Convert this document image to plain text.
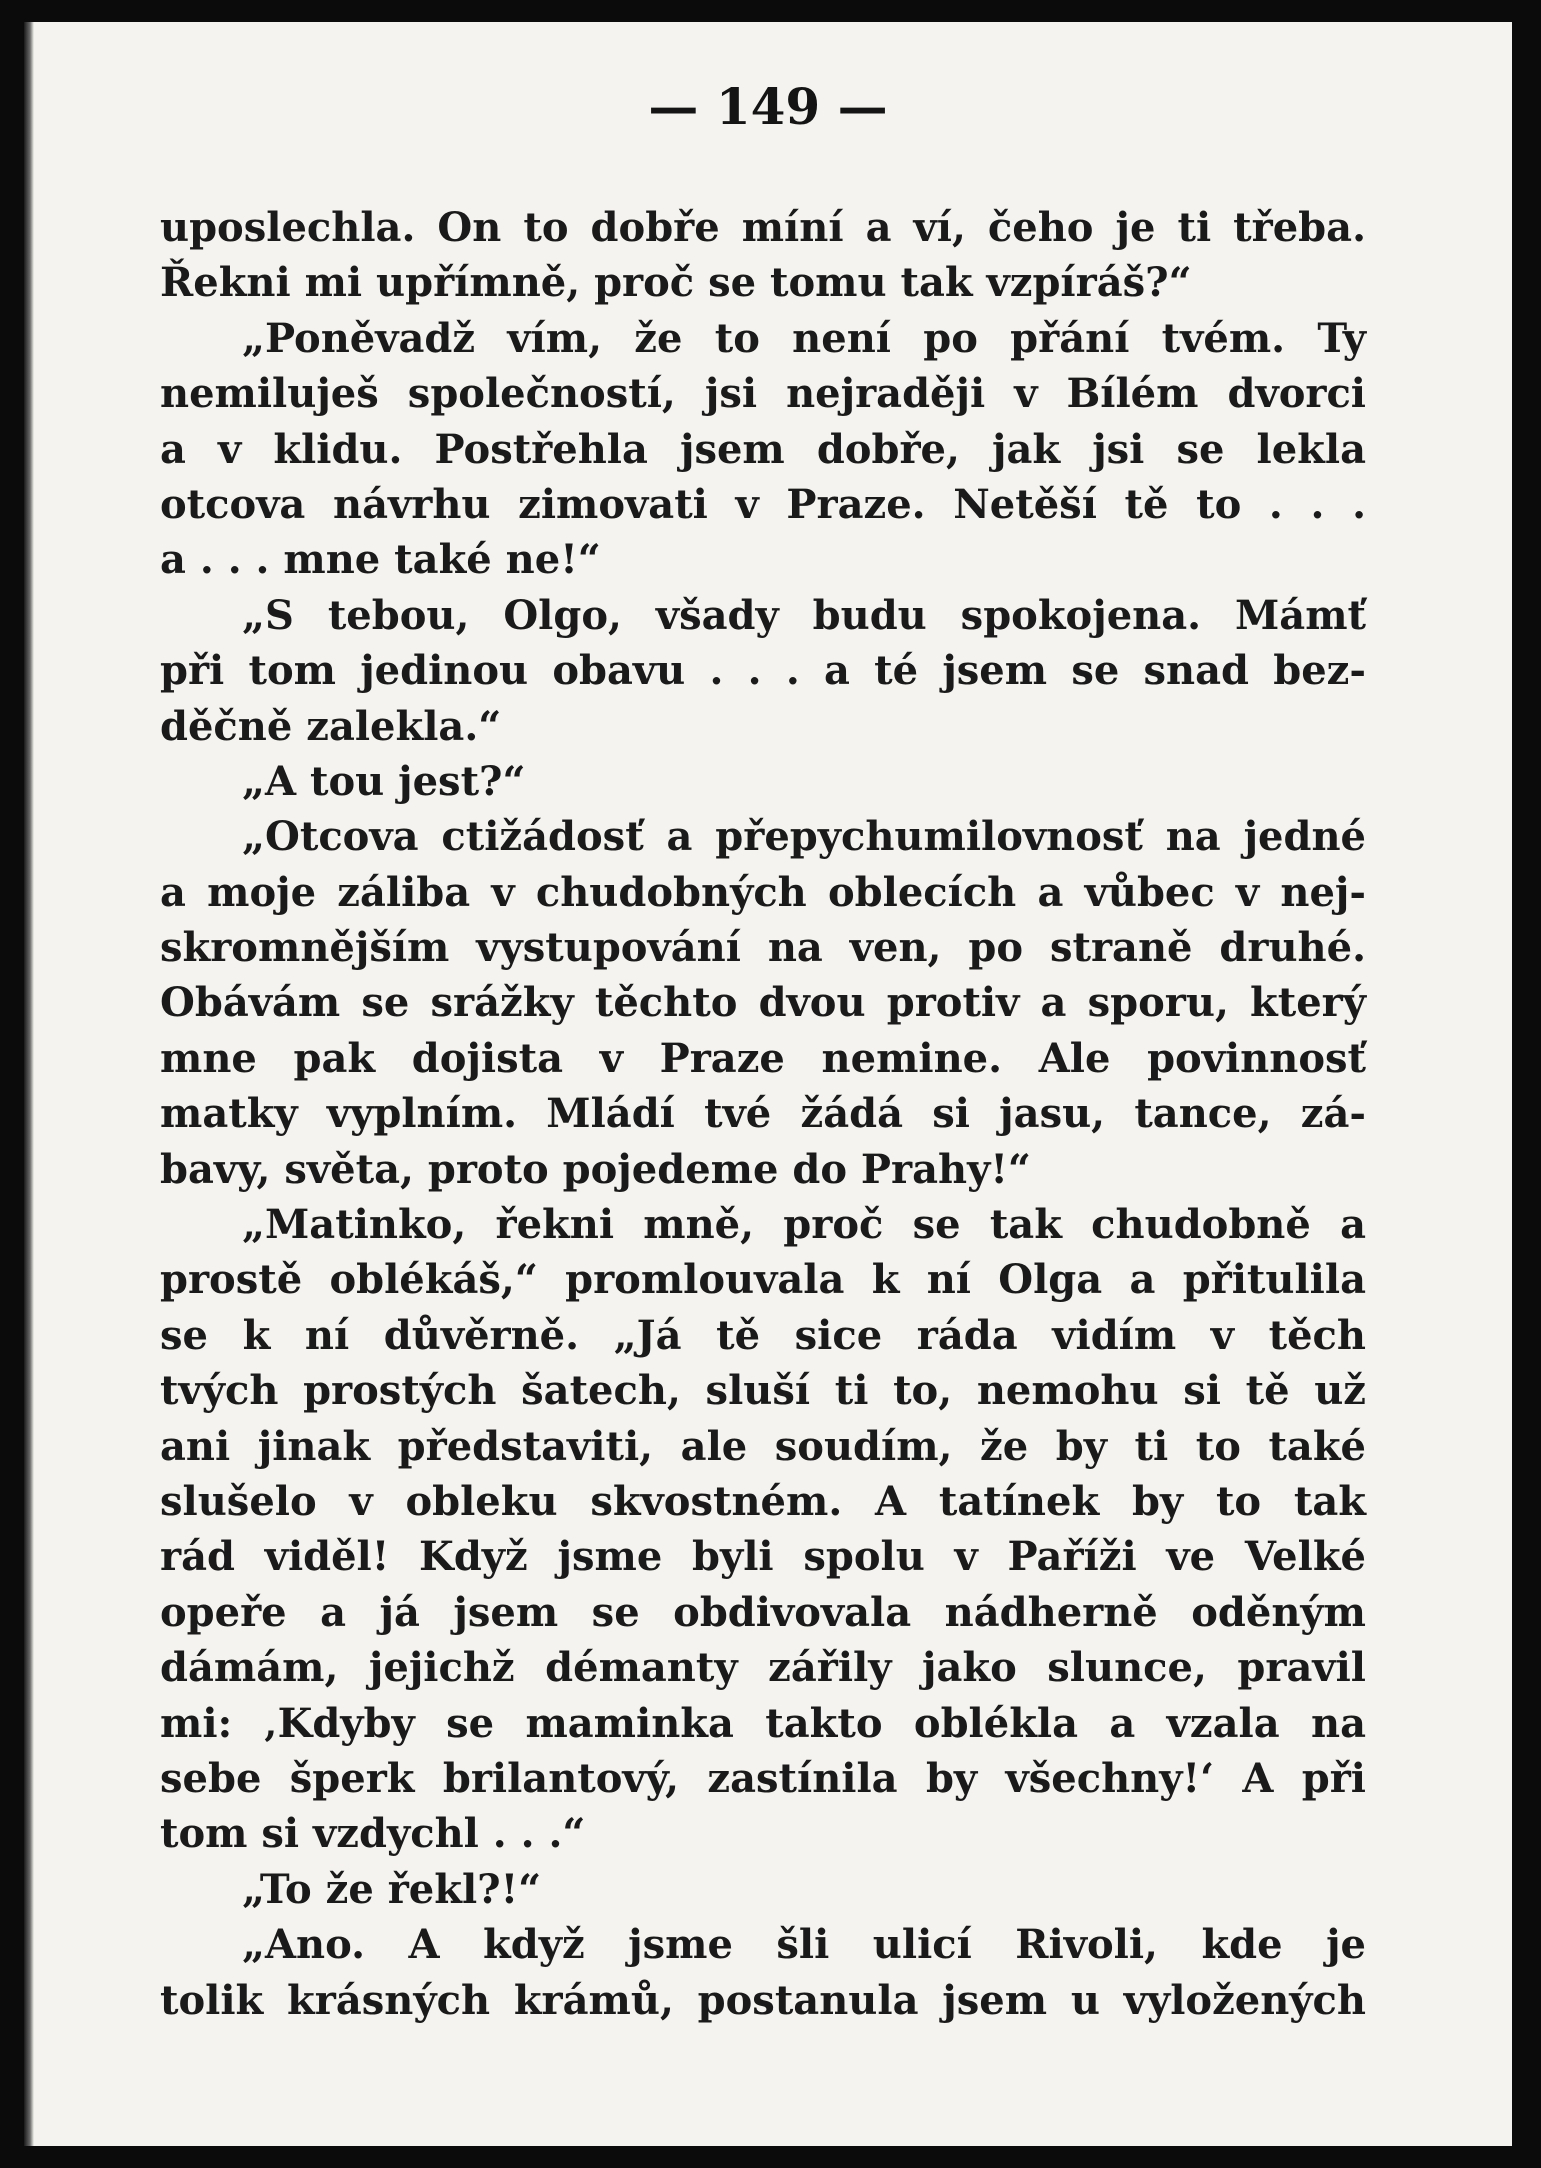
— 149 —

uposlechla. On to dobře míní a ví, čeho je ti třeba.
Řekni mi upřímně, proč se tomu tak vzpíráš?“
„Poněvadž vím, že to není po přání tvém. Ty
nemiluješ společností, jsi nejraději v Bílém dvorci
a v klidu. Postřehla jsem dobře, jak jsi se lekla
otcova návrhu zimovati v Praze. Netěší tě to . . .
a . . . mne také ne!“
„S tebou, Olgo, všady budu spokojena. Mámť
při tom jedinou obavu . . . a té jsem se snad bez-
děčně zalekla.“
„A tou jest?“
„Otcova ctižádosť a přepychumilovnosť na jedné
a moje záliba v chudobných oblecích a vůbec v nej-
skromnějším vystupování na ven, po straně druhé.
Obávám se srážky těchto dvou protiv a sporu, který
mne pak dojista v Praze nemine. Ale povinnosť
matky vyplním. Mládí tvé žádá si jasu, tance, zá-
bavy, světa, proto pojedeme do Prahy!“
„Matinko, řekni mně, proč se tak chudobně a
prostě oblékáš,“ promlouvala k ní Olga a přitulila
se k ní důvěrně. „Já tě sice ráda vidím v těch
tvých prostých šatech, sluší ti to, nemohu si tě už
ani jinak představiti, ale soudím, že by ti to také
slušelo v obleku skvostném. A tatínek by to tak
rád viděl! Když jsme byli spolu v Paříži ve Velké
opeře a já jsem se obdivovala nádherně oděným
dámám, jejichž démanty zářily jako slunce, pravil
mi: ‚Kdyby se maminka takto oblékla a vzala na
sebe šperk brilantový, zastínila by všechny!‘ A při
tom si vzdychl . . .“
„To že řekl?!“
„Ano. A když jsme šli ulicí Rivoli, kde je
tolik krásných krámů, postanula jsem u vyložených
